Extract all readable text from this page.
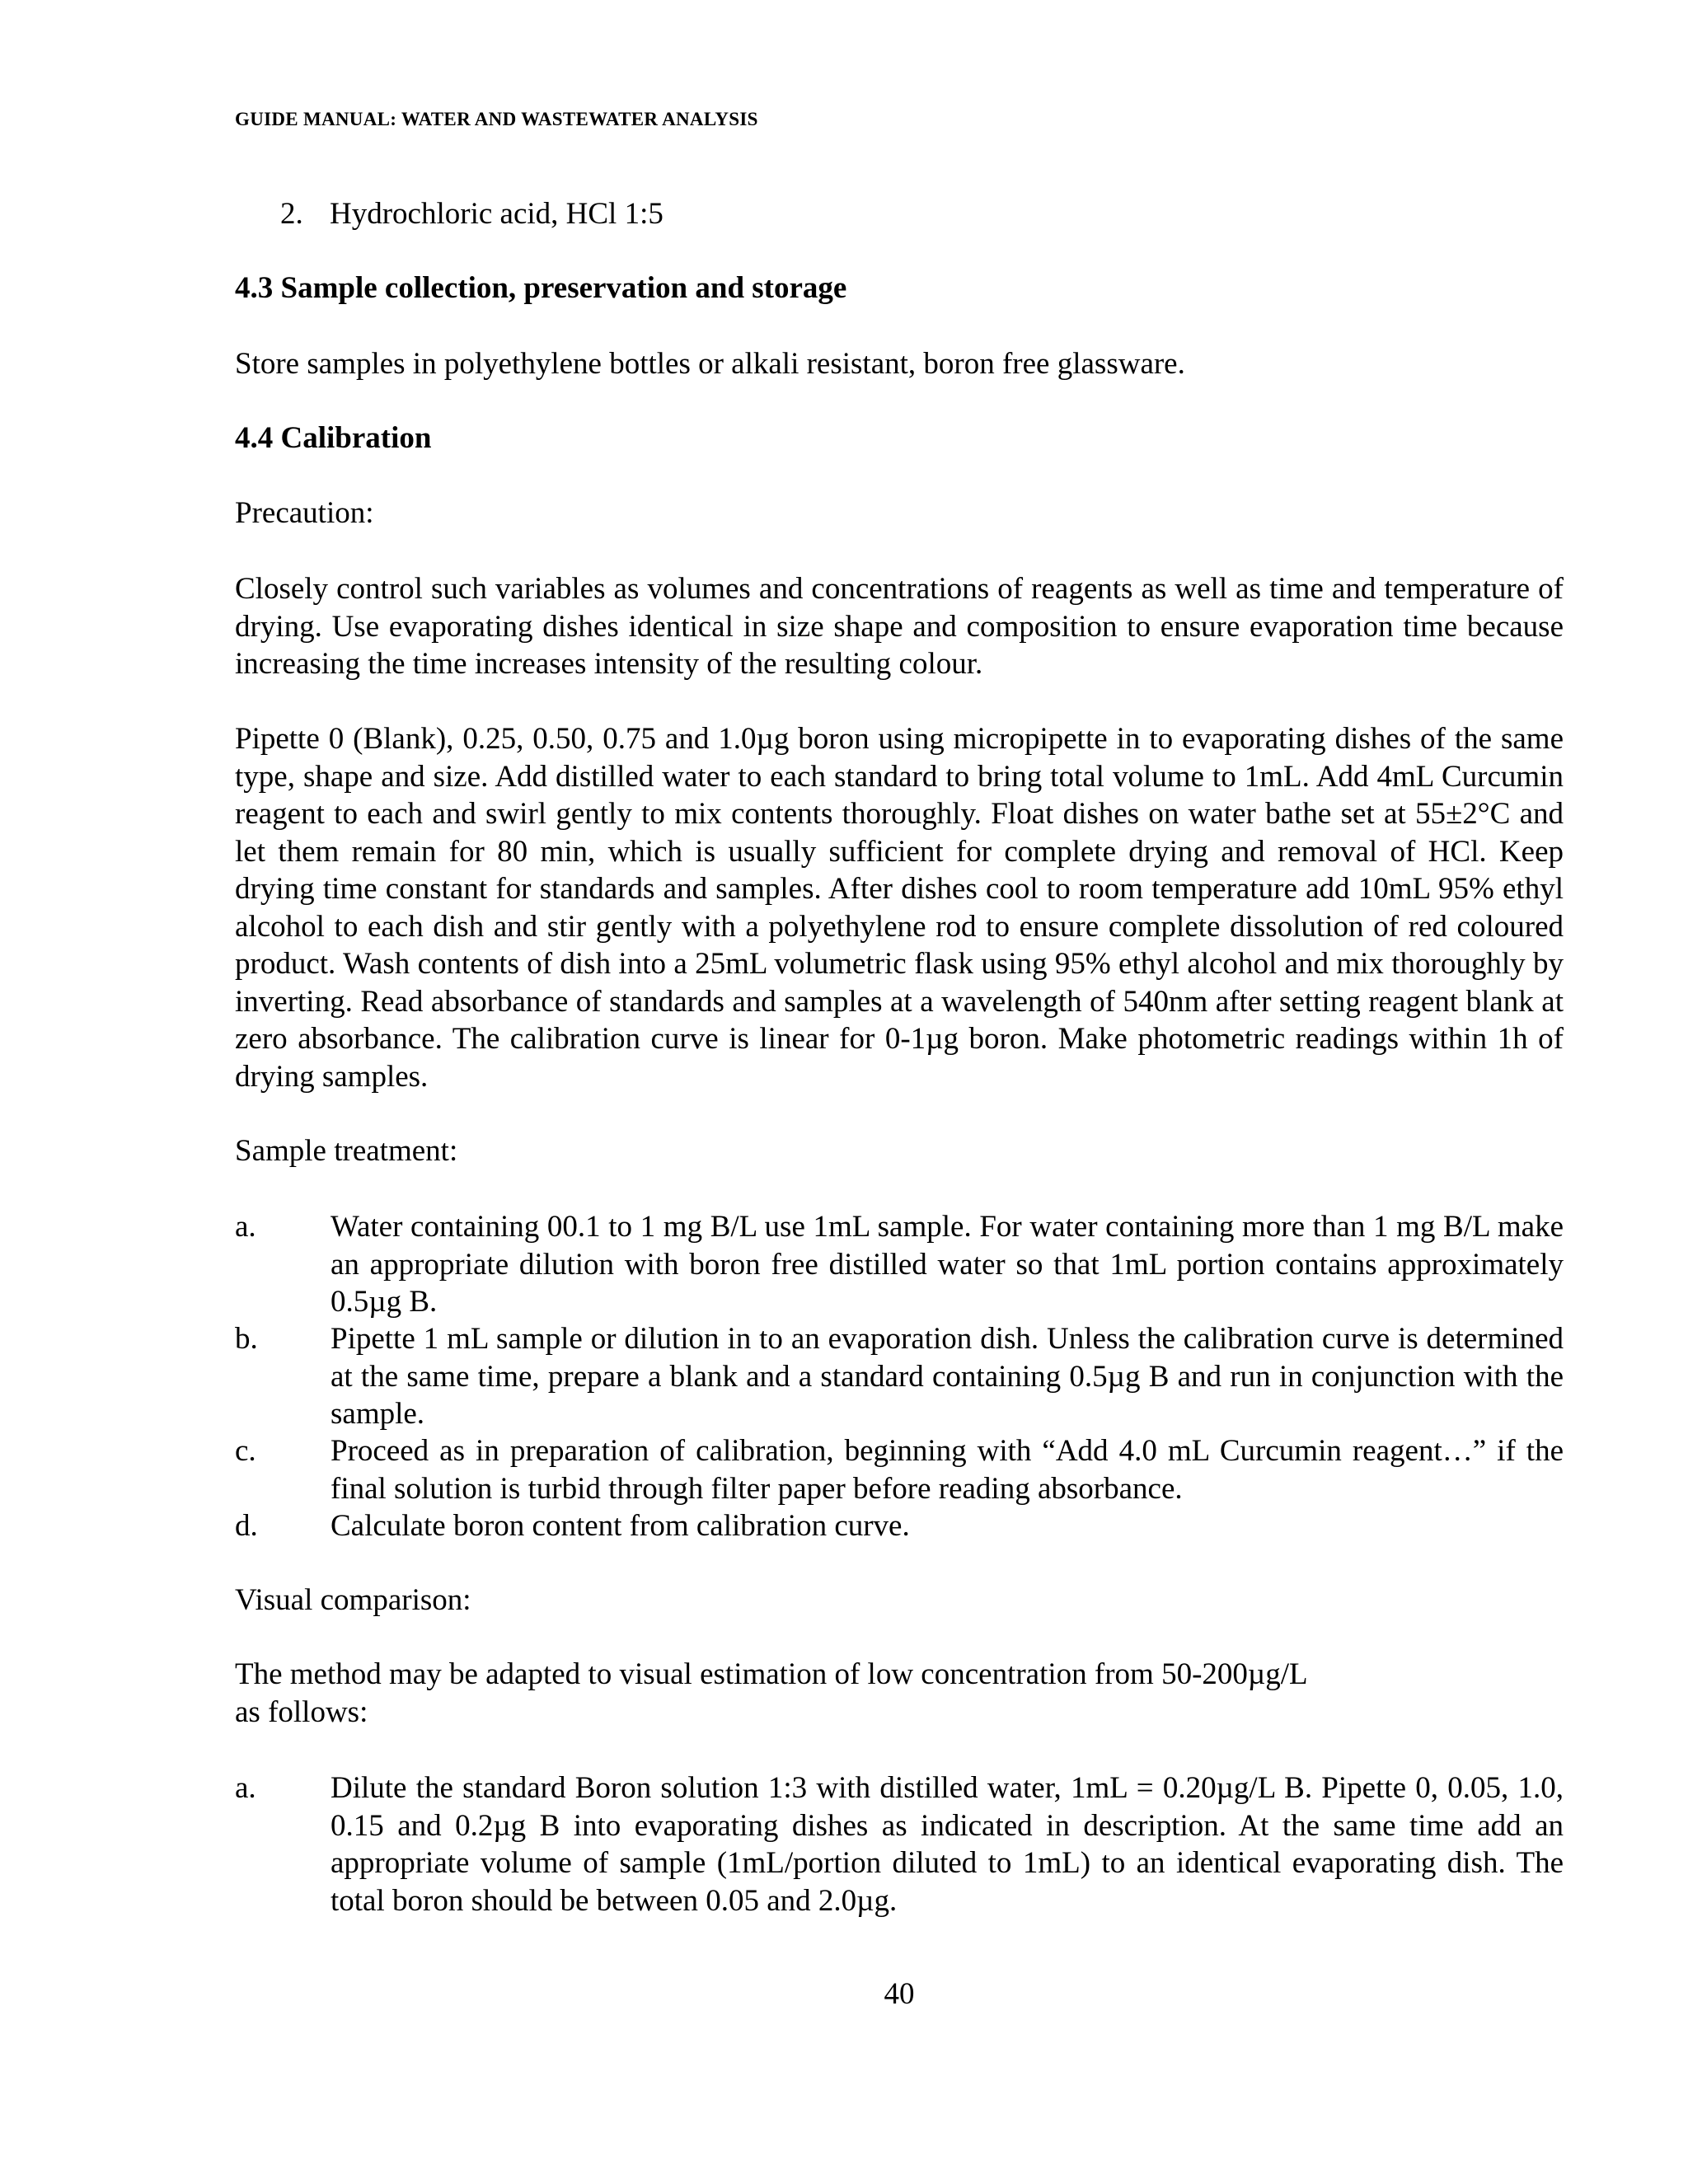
GUIDE MANUAL: WATER AND WASTEWATER ANALYSIS
2. Hydrochloric acid, HCl 1:5
4.3 Sample collection, preservation and storage
Store samples in polyethylene bottles or alkali resistant, boron free glassware.
4.4 Calibration
Precaution:
Closely control such variables as volumes and concentrations of reagents as well as time and temperature of drying. Use evaporating dishes identical in size shape and composition to ensure evaporation time because increasing the time increases intensity of the resulting colour.
Pipette 0 (Blank), 0.25, 0.50, 0.75 and 1.0µg boron using micropipette in to evaporating dishes of the same type, shape and size. Add distilled water to each standard to bring total volume to 1mL. Add 4mL Curcumin reagent to each and swirl gently to mix contents thoroughly. Float dishes on water bathe set at 55±2°C and let them remain for 80 min, which is usually sufficient for complete drying and removal of HCl. Keep drying time constant for standards and samples. After dishes cool to room temperature add 10mL 95% ethyl alcohol to each dish and stir gently with a polyethylene rod to ensure complete dissolution of red coloured product. Wash contents of dish into a 25mL volumetric flask using 95% ethyl alcohol and mix thoroughly by inverting. Read absorbance of standards and samples at a wavelength of 540nm after setting reagent blank at zero absorbance. The calibration curve is linear for 0-1µg boron. Make photometric readings within 1h of drying samples.
Sample treatment:
a. Water containing 00.1 to 1 mg B/L use 1mL sample. For water containing more than 1 mg B/L make an appropriate dilution with boron free distilled water so that 1mL portion contains approximately 0.5µg B.
b. Pipette 1 mL sample or dilution in to an evaporation dish. Unless the calibration curve is determined at the same time, prepare a blank and a standard containing 0.5µg B and run in conjunction with the sample.
c. Proceed as in preparation of calibration, beginning with “Add 4.0 mL Curcumin reagent…” if the final solution is turbid through filter paper before reading absorbance.
d. Calculate boron content from calibration curve.
Visual comparison:
The method may be adapted to visual estimation of low concentration from 50-200µg/L
as follows:
a. Dilute the standard Boron solution 1:3 with distilled water, 1mL = 0.20µg/L B. Pipette 0, 0.05, 1.0, 0.15 and 0.2µg B into evaporating dishes as indicated in description. At the same time add an appropriate volume of sample (1mL/portion diluted to 1mL) to an identical evaporating dish. The total boron should be between 0.05 and 2.0µg.
40
